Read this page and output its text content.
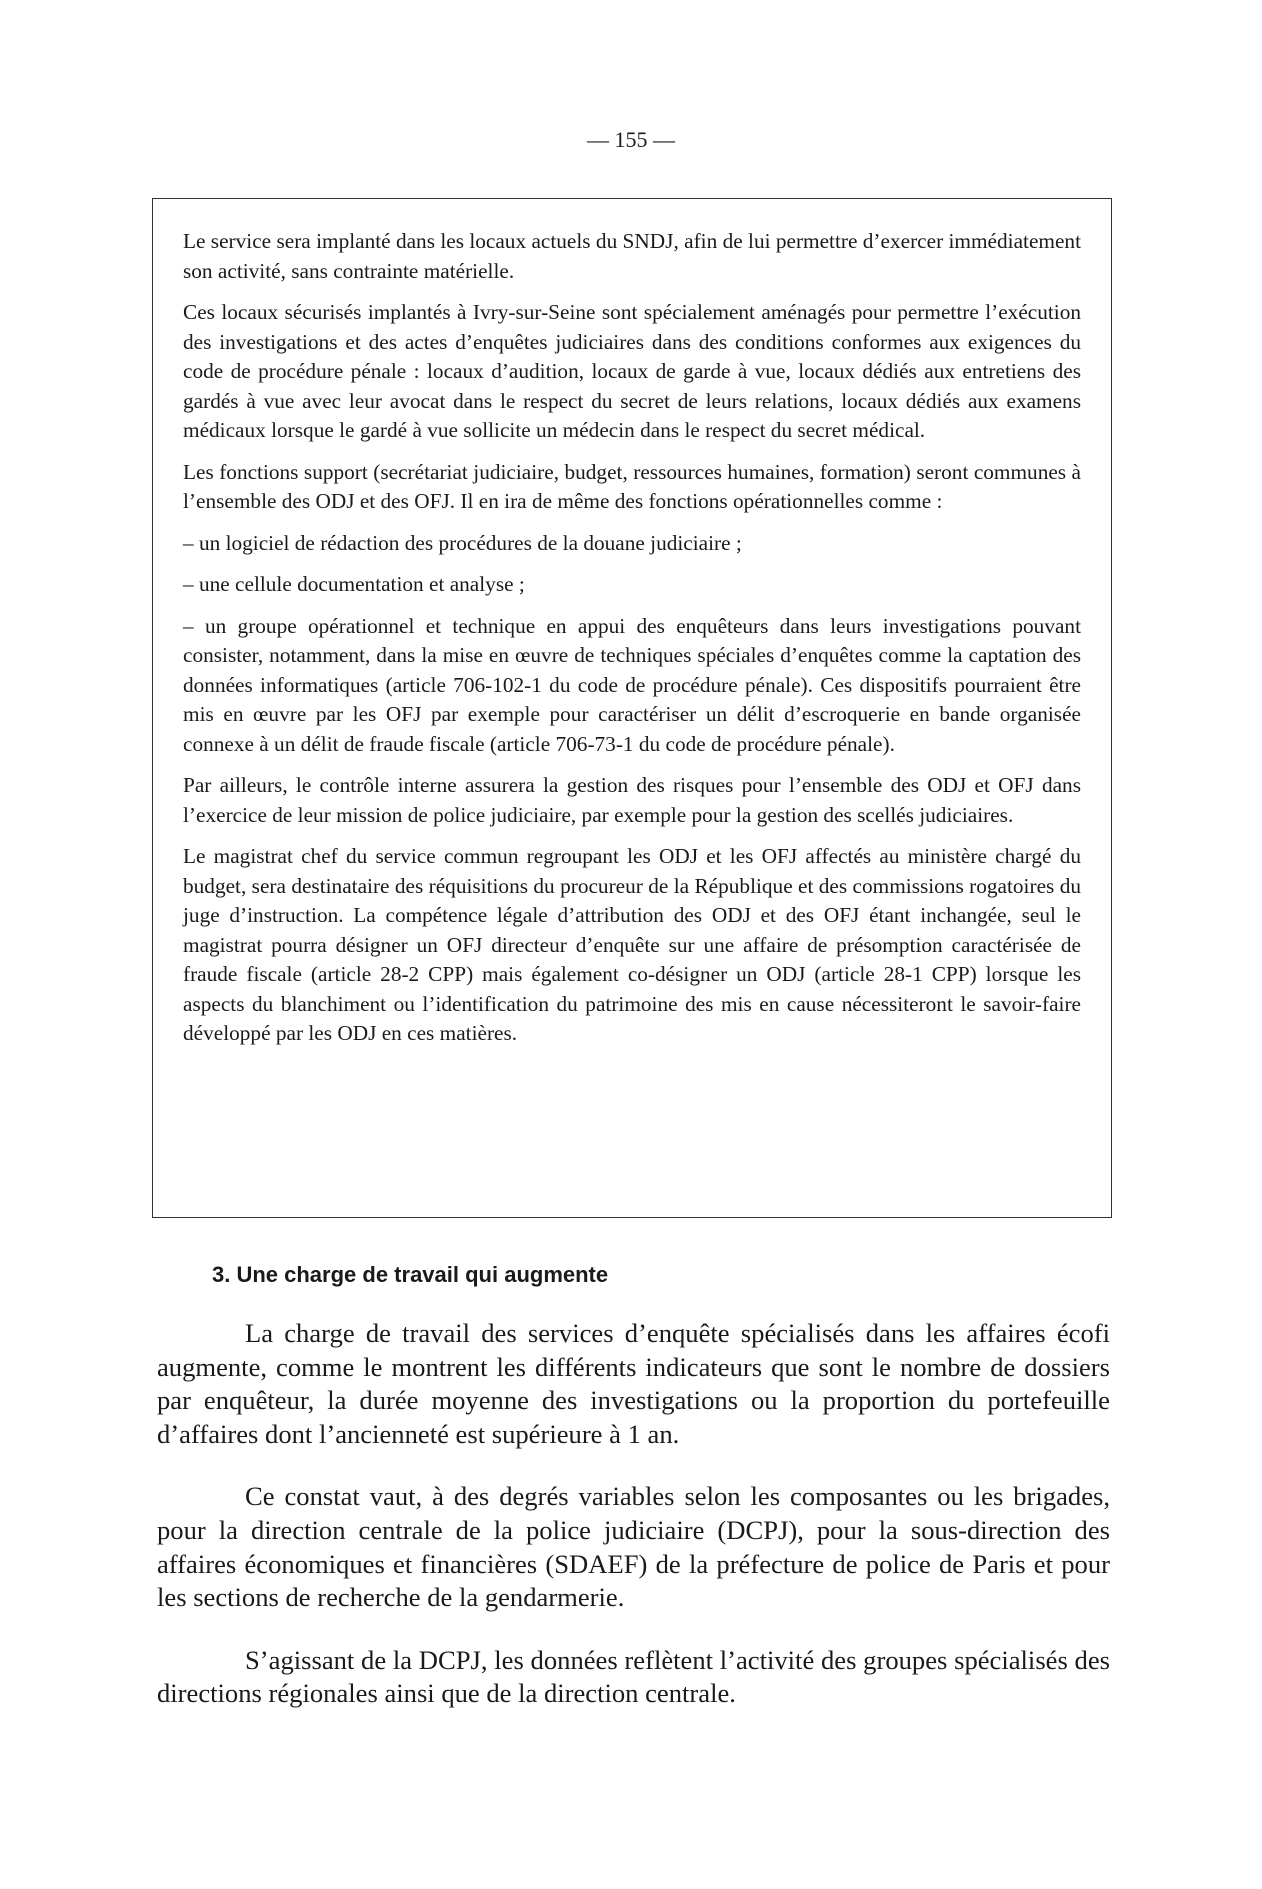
— 155 —

Le service sera implanté dans les locaux actuels du SNDJ, afin de lui permettre d’exercer immédiatement son activité, sans contrainte matérielle.

Ces locaux sécurisés implantés à Ivry-sur-Seine sont spécialement aménagés pour permettre l’exécution des investigations et des actes d’enquêtes judiciaires dans des conditions conformes aux exigences du code de procédure pénale : locaux d’audition, locaux de garde à vue, locaux dédiés aux entretiens des gardés à vue avec leur avocat dans le respect du secret de leurs relations, locaux dédiés aux examens médicaux lorsque le gardé à vue sollicite un médecin dans le respect du secret médical.

Les fonctions support (secrétariat judiciaire, budget, ressources humaines, formation) seront communes à l’ensemble des ODJ et des OFJ. Il en ira de même des fonctions opérationnelles comme :

– un logiciel de rédaction des procédures de la douane judiciaire ;

– une cellule documentation et analyse ;

– un groupe opérationnel et technique en appui des enquêteurs dans leurs investigations pouvant consister, notamment, dans la mise en œuvre de techniques spéciales d’enquêtes comme la captation des données informatiques (article 706-102-1 du code de procédure pénale). Ces dispositifs pourraient être mis en œuvre par les OFJ par exemple pour caractériser un délit d’escroquerie en bande organisée connexe à un délit de fraude fiscale (article 706-73-1 du code de procédure pénale).

Par ailleurs, le contrôle interne assurera la gestion des risques pour l’ensemble des ODJ et OFJ dans l’exercice de leur mission de police judiciaire, par exemple pour la gestion des scellés judiciaires.

Le magistrat chef du service commun regroupant les ODJ et les OFJ affectés au ministère chargé du budget, sera destinataire des réquisitions du procureur de la République et des commissions rogatoires du juge d’instruction. La compétence légale d’attribution des ODJ et des OFJ étant inchangée, seul le magistrat pourra désigner un OFJ directeur d’enquête sur une affaire de présomption caractérisée de fraude fiscale (article 28-2 CPP) mais également co-désigner un ODJ (article 28-1 CPP) lorsque les aspects du blanchiment ou l’identification du patrimoine des mis en cause nécessiteront le savoir-faire développé par les ODJ en ces matières.

3. Une charge de travail qui augmente

La charge de travail des services d’enquête spécialisés dans les affaires écofi augmente, comme le montrent les différents indicateurs que sont le nombre de dossiers par enquêteur, la durée moyenne des investigations ou la proportion du portefeuille d’affaires dont l’ancienneté est supérieure à 1 an.

Ce constat vaut, à des degrés variables selon les composantes ou les brigades, pour la direction centrale de la police judiciaire (DCPJ), pour la sous-direction des affaires économiques et financières (SDAEF) de la préfecture de police de Paris et pour les sections de recherche de la gendarmerie.

S’agissant de la DCPJ, les données reflètent l’activité des groupes spécialisés des directions régionales ainsi que de la direction centrale.
